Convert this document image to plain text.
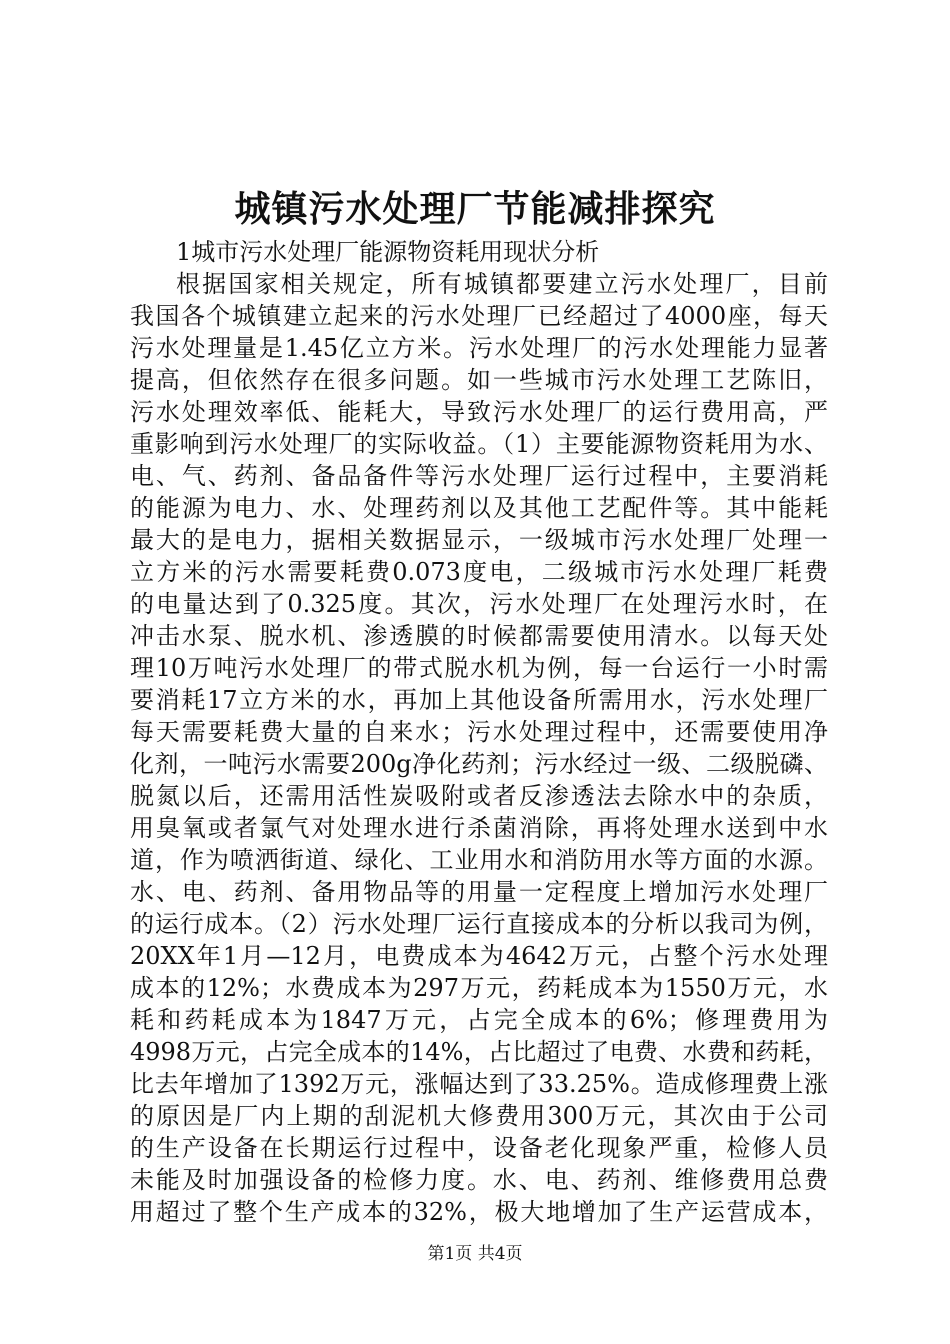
城镇污水处理厂节能减排探究
1城市污水处理厂能源物资耗用现状分析
根据国家相关规定，所有城镇都要建立污水处理厂，目前
我国各个城镇建立起来的污水处理厂已经超过了4000座，每天
污水处理量是1.45亿立方米。污水处理厂的污水处理能力显著
提高，但依然存在很多问题。如一些城市污水处理工艺陈旧，
污水处理效率低、能耗大，导致污水处理厂的运行费用高，严
重影响到污水处理厂的实际收益。（1）主要能源物资耗用为水、
电、气、药剂、备品备件等污水处理厂运行过程中，主要消耗
的能源为电力、水、处理药剂以及其他工艺配件等。其中能耗
最大的是电力，据相关数据显示，一级城市污水处理厂处理一
立方米的污水需要耗费0.073度电，二级城市污水处理厂耗费
的电量达到了0.325度。其次，污水处理厂在处理污水时，在
冲击水泵、脱水机、渗透膜的时候都需要使用清水。以每天处
理10万吨污水处理厂的带式脱水机为例，每一台运行一小时需
要消耗17立方米的水，再加上其他设备所需用水，污水处理厂
每天需要耗费大量的自来水；污水处理过程中，还需要使用净
化剂，一吨污水需要200g净化药剂；污水经过一级、二级脱磷、
脱氮以后，还需用活性炭吸附或者反渗透法去除水中的杂质，
用臭氧或者氯气对处理水进行杀菌消除，再将处理水送到中水
道，作为喷洒街道、绿化、工业用水和消防用水等方面的水源。
水、电、药剂、备用物品等的用量一定程度上增加污水处理厂
的运行成本。（2）污水处理厂运行直接成本的分析以我司为例，
20XX年1月—12月，电费成本为4642万元，占整个污水处理
成本的12%；水费成本为297万元，药耗成本为1550万元，水
耗和药耗成本为1847万元，占完全成本的6%；修理费用为
4998万元，占完全成本的14%，占比超过了电费、水费和药耗，
比去年增加了1392万元，涨幅达到了33.25%。造成修理费上涨
的原因是厂内上期的刮泥机大修费用300万元，其次由于公司
的生产设备在长期运行过程中，设备老化现象严重，检修人员
未能及时加强设备的检修力度。水、电、药剂、维修费用总费
用超过了整个生产成本的32%，极大地增加了生产运营成本，
第1页 共4页
